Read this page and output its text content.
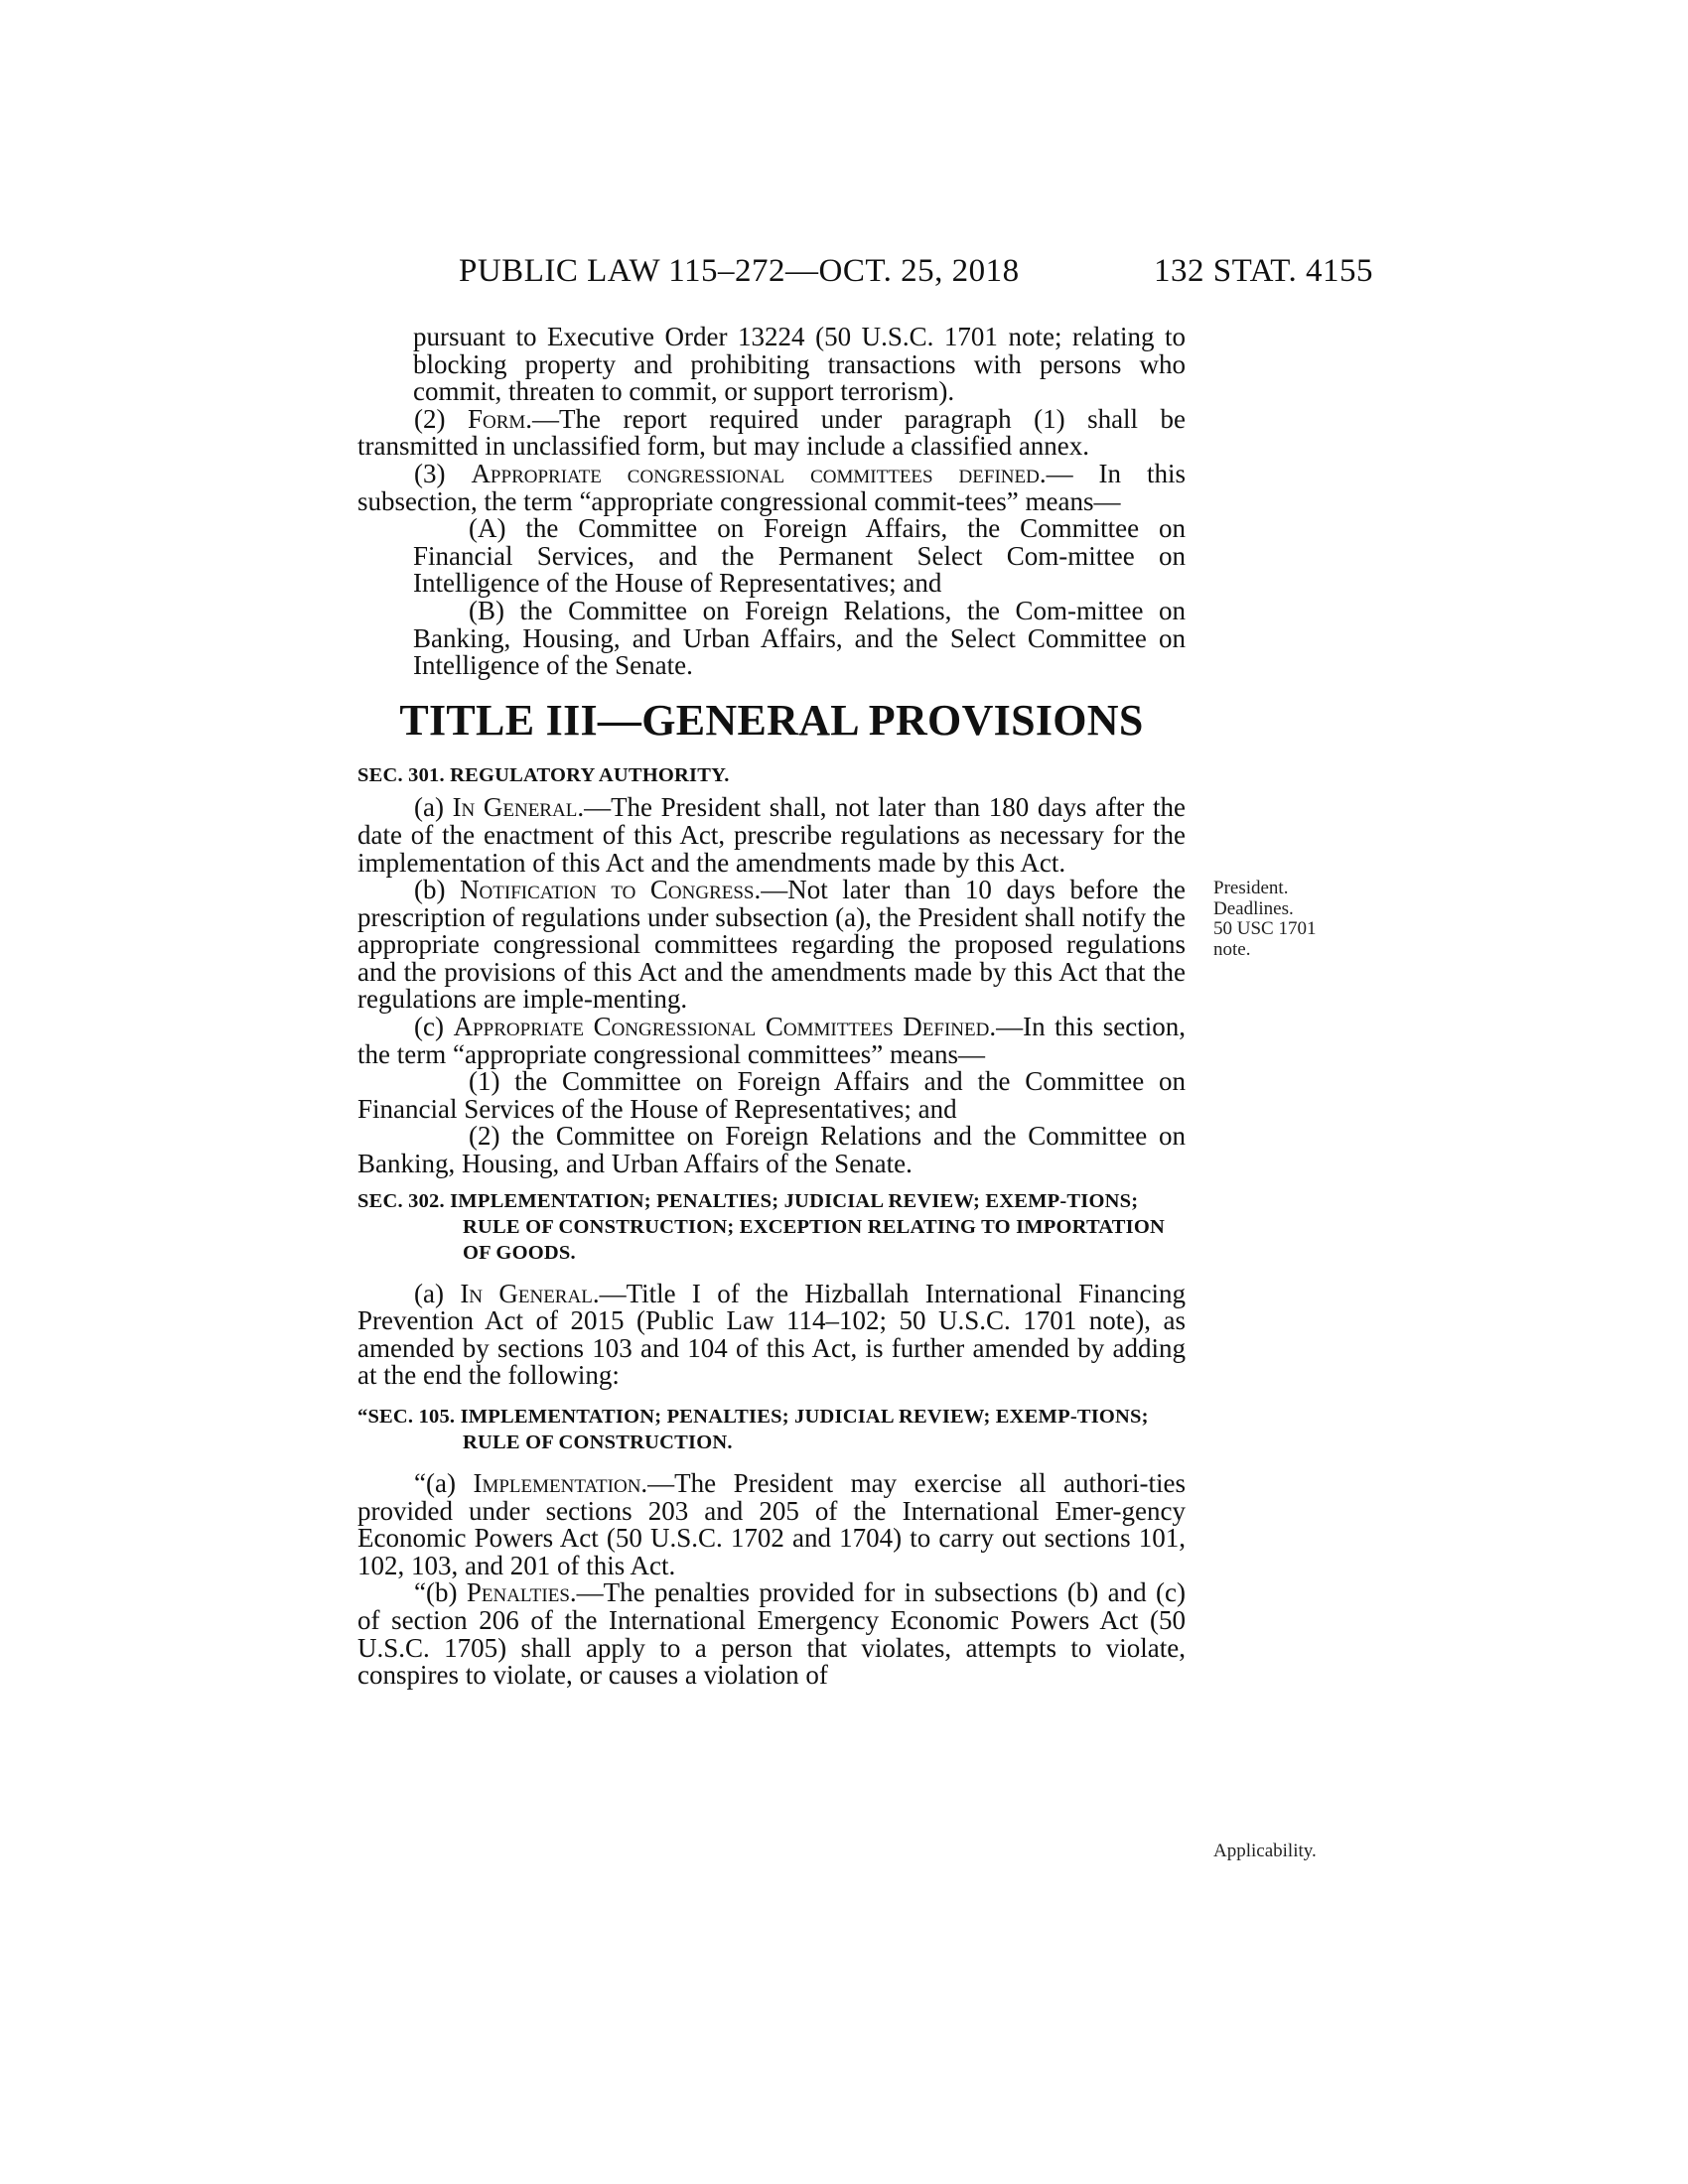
PUBLIC LAW 115–272—OCT. 25, 2018	132 STAT. 4155

pursuant to Executive Order 13224 (50 U.S.C. 1701 note; relating to blocking property and prohibiting transactions with persons who commit, threaten to commit, or support terrorism).

(2) Form.—The report required under paragraph (1) shall be transmitted in unclassified form, but may include a classified annex.

(3) Appropriate congressional committees defined.— In this subsection, the term “appropriate congressional commit-tees” means—

(A) the Committee on Foreign Affairs, the Committee on Financial Services, and the Permanent Select Com-mittee on Intelligence of the House of Representatives; and

(B) the Committee on Foreign Relations, the Com-mittee on Banking, Housing, and Urban Affairs, and the Select Committee on Intelligence of the Senate.

TITLE III—GENERAL PROVISIONS
SEC. 301. REGULATORY AUTHORITY.

(a) In General.—The President shall, not later than 180 days after the date of the enactment of this Act, prescribe regulations as necessary for the implementation of this Act and the amendments made by this Act.

(b) Notification to Congress.—Not later than 10 days before the prescription of regulations under subsection (a), the President shall notify the appropriate congressional committees regarding the proposed regulations and the provisions of this Act and the amendments made by this Act that the regulations are imple-menting.

(c) Appropriate Congressional Committees Defined.—In this section, the term “appropriate congressional committees” means—

(1) the Committee on Foreign Affairs and the Committee on Financial Services of the House of Representatives; and

(2) the Committee on Foreign Relations and the Committee on Banking, Housing, and Urban Affairs of the Senate.

SEC. 302. IMPLEMENTATION; PENALTIES; JUDICIAL REVIEW; EXEMP-TIONS; RULE OF CONSTRUCTION; EXCEPTION RELATING TO IMPORTATION OF GOODS.

(a) In General.—Title I of the Hizballah International Financing Prevention Act of 2015 (Public Law 114–102; 50 U.S.C. 1701 note), as amended by sections 103 and 104 of this Act, is further amended by adding at the end the following:

“SEC. 105. IMPLEMENTATION; PENALTIES; JUDICIAL REVIEW; EXEMP-TIONS; RULE OF CONSTRUCTION.

“(a) Implementation.—The President may exercise all authori-ties provided under sections 203 and 205 of the International Emer-gency Economic Powers Act (50 U.S.C. 1702 and 1704) to carry out sections 101, 102, 103, and 201 of this Act.

“(b) Penalties.—The penalties provided for in subsections (b) and (c) of section 206 of the International Emergency Economic Powers Act (50 U.S.C. 1705) shall apply to a person that violates, attempts to violate, conspires to violate, or causes a violation of

President.
Deadlines.
50 USC 1701
note.
Applicability.
